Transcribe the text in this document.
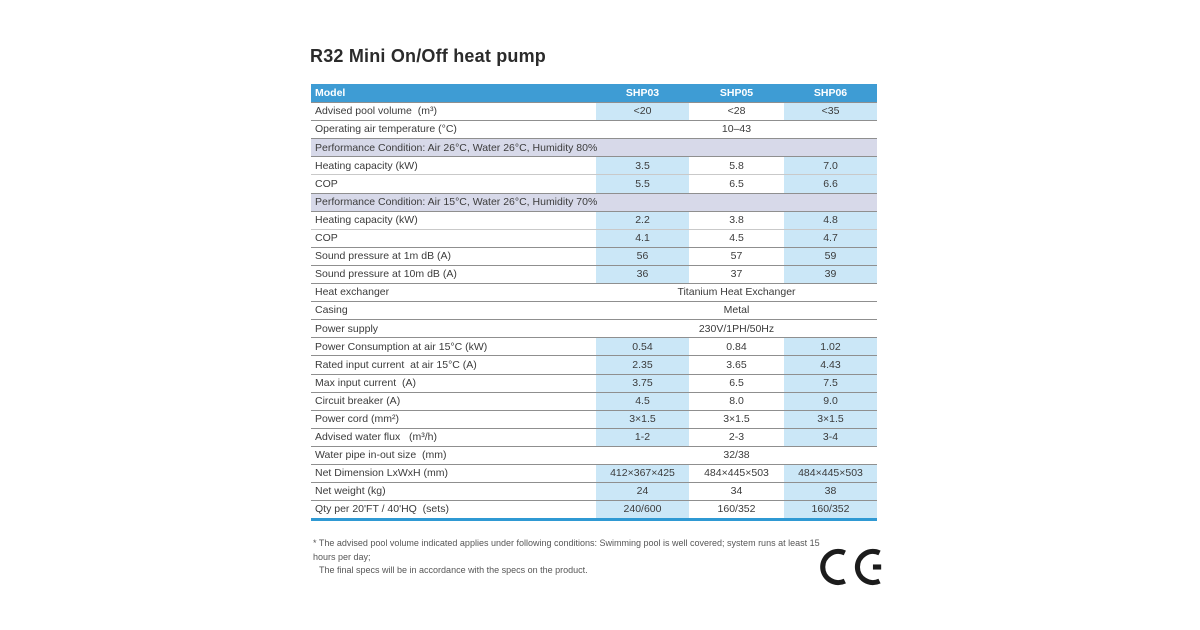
R32 Mini On/Off heat pump
Model	SHP03	SHP05	SHP06
Advised pool volume  (m³)	<20	<28	<35
Operating air temperature (°C)	10–43
Performance Condition: Air 26°C, Water 26°C, Humidity 80%
Heating capacity (kW)	3.5	5.8	7.0
COP	5.5	6.5	6.6
Performance Condition: Air 15°C, Water 26°C, Humidity 70%
Heating capacity (kW)	2.2	3.8	4.8
COP	4.1	4.5	4.7
Sound pressure at 1m dB (A)	56	57	59
Sound pressure at 10m dB (A)	36	37	39
Heat exchanger	Titanium Heat Exchanger
Casing	Metal
Power supply	230V/1PH/50Hz
Power Consumption at air 15°C (kW)	0.54	0.84	1.02
Rated input current  at air 15°C (A)	2.35	3.65	4.43
Max input current  (A)	3.75	6.5	7.5
Circuit breaker (A)	4.5	8.0	9.0
Power cord (mm²)	3×1.5	3×1.5	3×1.5
Advised water flux   (m³/h)	1-2	2-3	3-4
Water pipe in-out size  (mm)	32/38
Net Dimension LxWxH (mm)	412×367×425	484×445×503	484×445×503
Net weight (kg)	24	34	38
Qty per 20'FT / 40'HQ  (sets)	240/600	160/352	160/352
* The advised pool volume indicated applies under following conditions: Swimming pool is well covered; system runs at least 15 hours per day;
The final specs will be in accordance with the specs on the product.
